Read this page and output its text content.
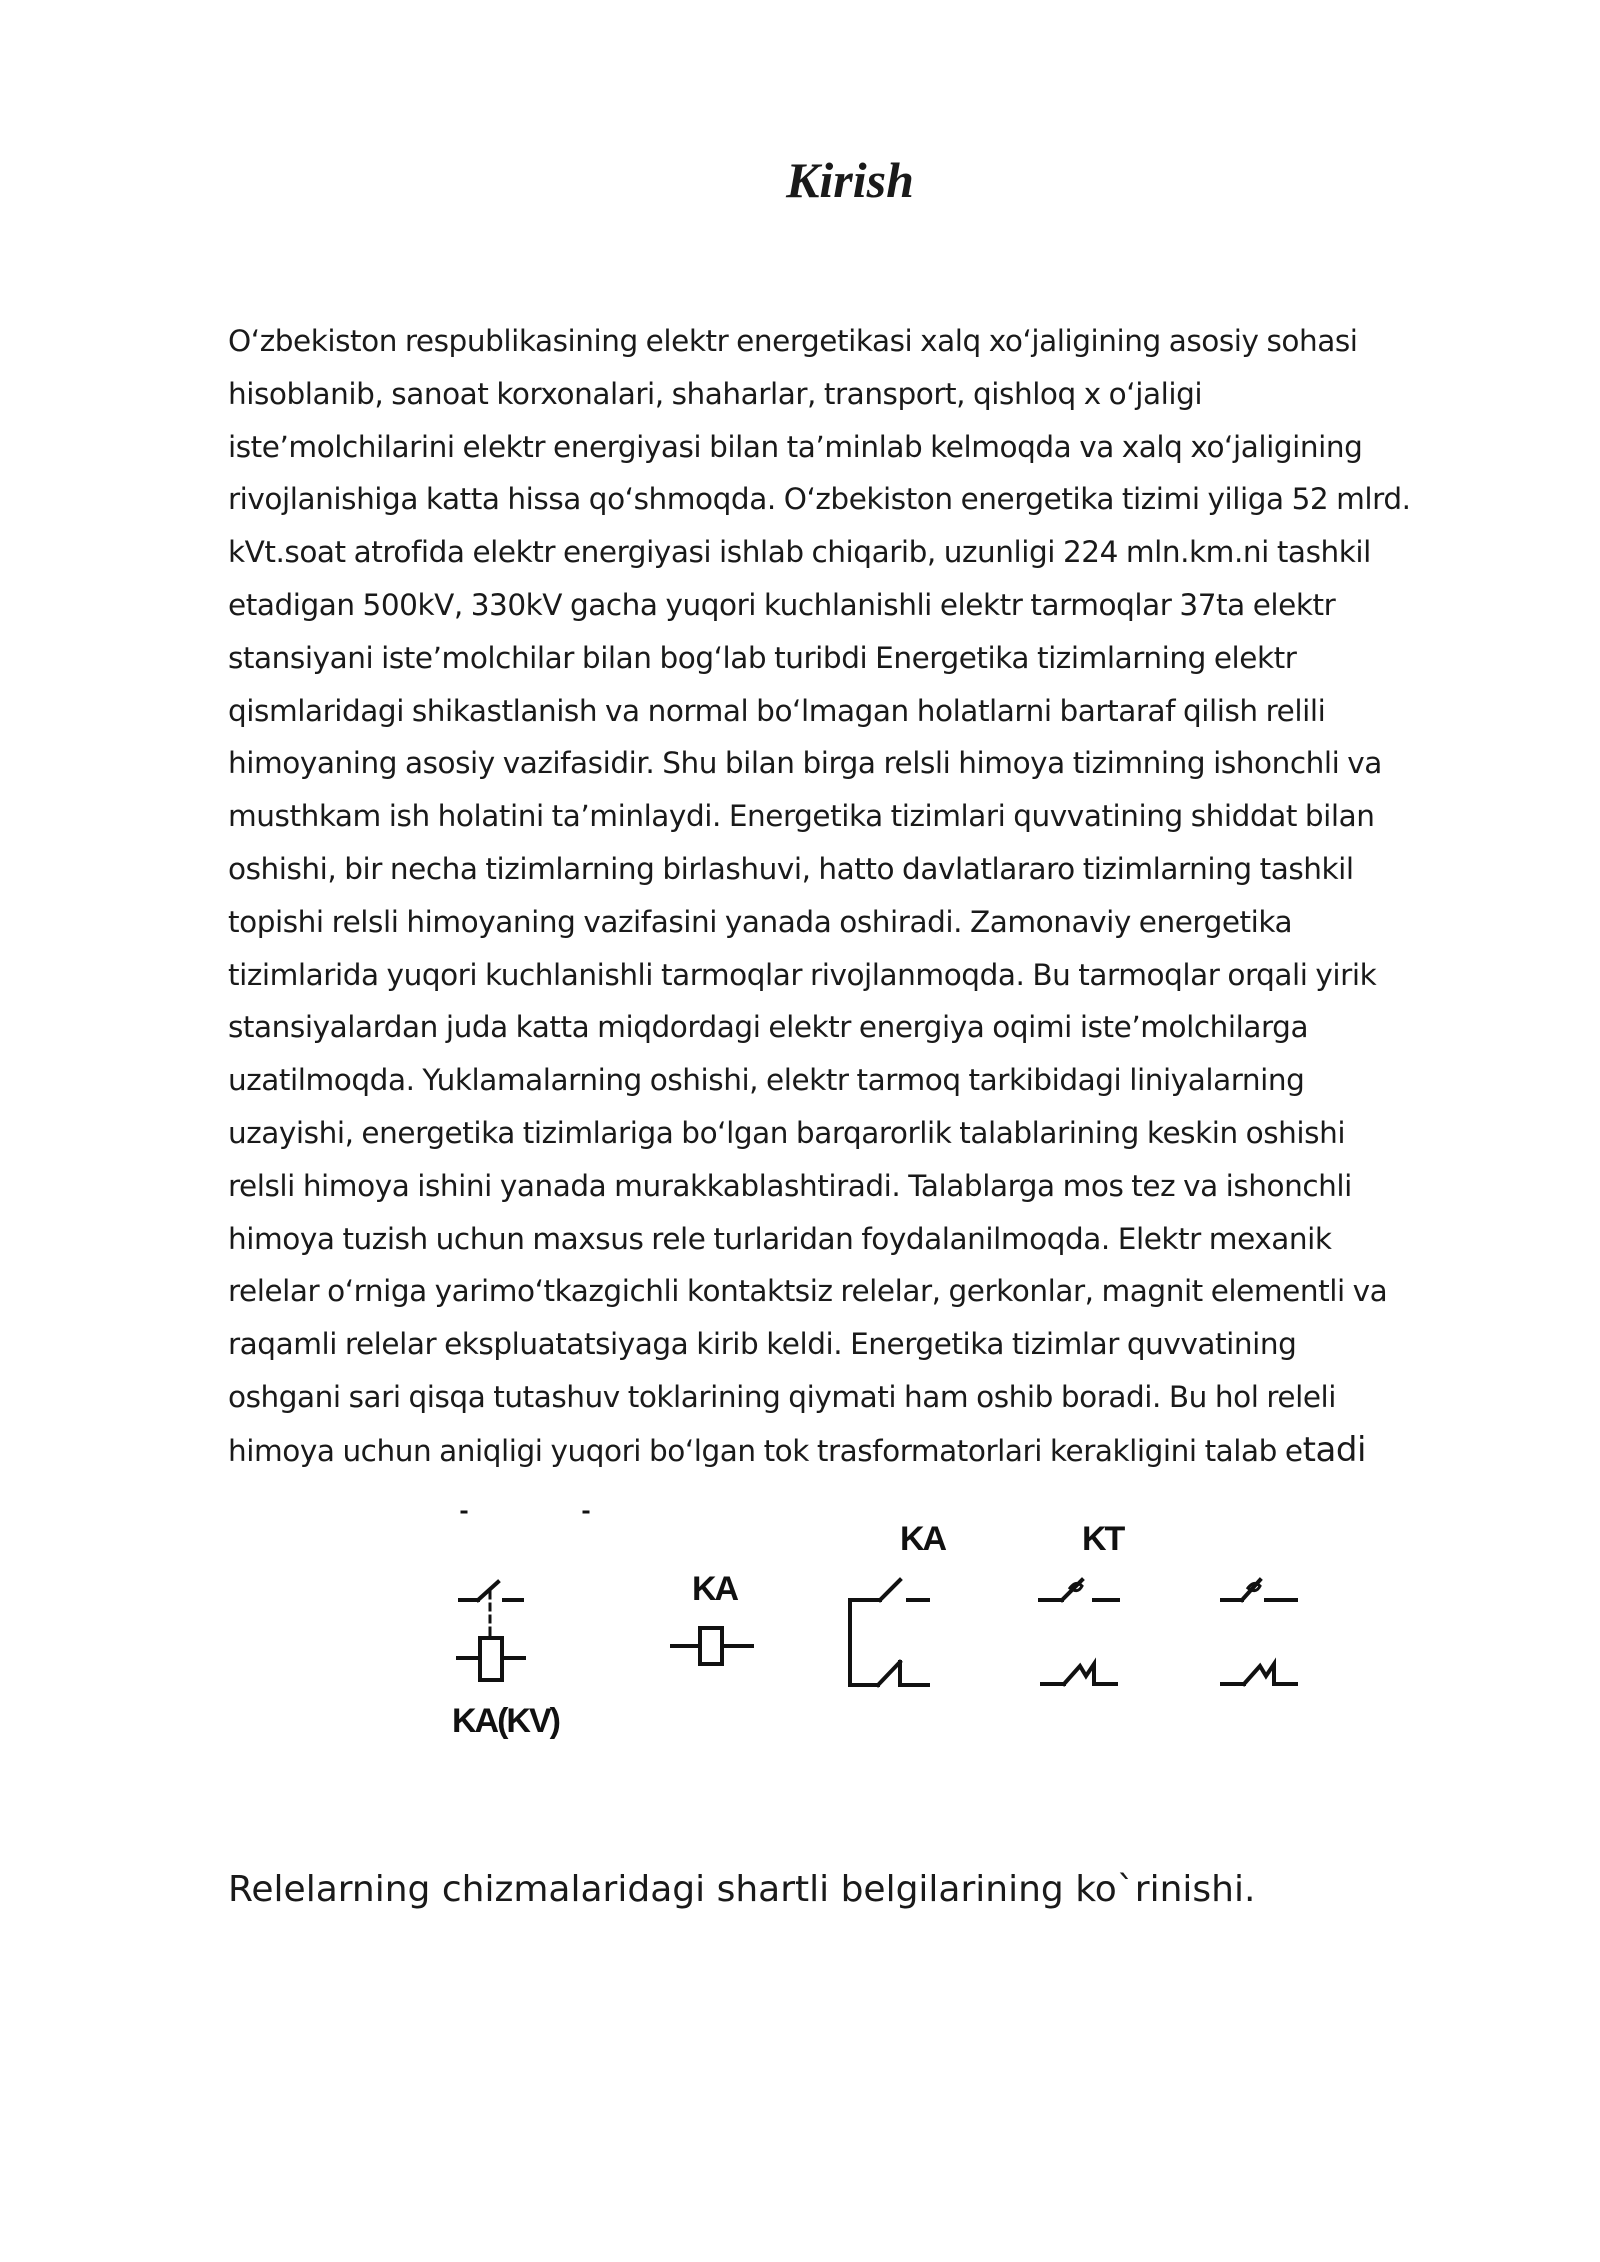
Kirish
O‘zbekiston respublikasining elektr energetikasi xalq xo‘jaligining asosiy sohasi
hisoblanib, sanoat korxonalari, shaharlar, transport, qishloq x o‘jaligi
iste’molchilarini elektr energiyasi bilan ta’minlab kelmoqda va xalq xo‘jaligining
rivojlanishiga katta hissa qo‘shmoqda. O‘zbekiston energetika tizimi yiliga 52 mlrd.
kVt.soat atrofida elektr energiyasi ishlab chiqarib, uzunligi 224 mln.km.ni tashkil
etadigan 500kV, 330kV gacha yuqori kuchlanishli elektr tarmoqlar 37ta elektr
stansiyani iste’molchilar bilan bog‘lab turibdi Energetika tizimlarning elektr
qismlaridagi shikastlanish va normal bo‘lmagan holatlarni bartaraf qilish relili
himoyaning asosiy vazifasidir. Shu bilan birga relsli himoya tizimning ishonchli va
musthkam ish holatini ta’minlaydi. Energetika tizimlari quvvatining shiddat bilan
oshishi, bir necha tizimlarning birlashuvi, hatto davlatlararo tizimlarning tashkil
topishi relsli himoyaning vazifasini yanada oshiradi. Zamonaviy energetika
tizimlarida yuqori kuchlanishli tarmoqlar rivojlanmoqda. Bu tarmoqlar orqali yirik
stansiyalardan juda katta miqdordagi elektr energiya oqimi iste’molchilarga
uzatilmoqda. Yuklamalarning oshishi, elektr tarmoq tarkibidagi liniyalarning
uzayishi, energetika tizimlariga bo‘lgan barqarorlik talablarining keskin oshishi
relsli himoya ishini yanada murakkablashtiradi. Talablarga mos tez va ishonchli
himoya tuzish uchun maxsus rele turlaridan foydalanilmoqda. Elektr mexanik
relelar o‘rniga yarimo‘tkazgichli kontaktsiz relelar, gerkonlar, magnit elementli va
raqamli relelar ekspluatatsiyaga kirib keldi. Energetika tizimlar quvvatining
oshgani sari qisqa tutashuv toklarining qiymati ham oshib boradi. Bu hol releli
himoya uchun aniqligi yuqori bo‘lgan tok trasformatorlari kerakligini talab etadi
KA(KV)
KA
KA	KT

Relelarning chizmalaridagi shartli belgilarining ko`rinishi.
